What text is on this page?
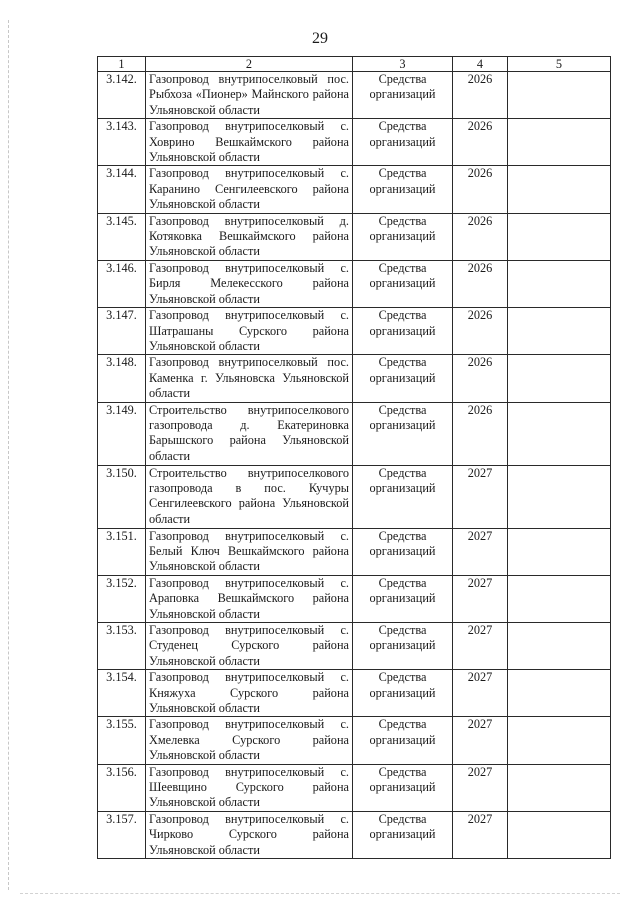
29
1	2	3	4	5
3.142.	Газопровод внутрипоселковый пос. Рыбхоза «Пионер» Майнского района Ульяновской области	Средства организаций	2026	
3.143.	Газопровод внутрипоселковый с. Ховрино Вешкаймского района Ульяновской области	Средства организаций	2026	
3.144.	Газопровод внутрипоселковый с. Каранино Сенгилеевского района Ульяновской области	Средства организаций	2026	
3.145.	Газопровод внутрипоселковый д. Котяковка Вешкаймского района Ульяновской области	Средства организаций	2026	
3.146.	Газопровод внутрипоселковый с. Бирля Мелекесского района Ульяновской области	Средства организаций	2026	
3.147.	Газопровод внутрипоселковый с. Шатрашаны Сурского района Ульяновской области	Средства организаций	2026	
3.148.	Газопровод внутрипоселковый пос. Каменка г. Ульяновска Ульяновской области	Средства организаций	2026	
3.149.	Строительство внутрипоселкового газопровода д. Екатериновка Барышского района Ульяновской области	Средства организаций	2026	
3.150.	Строительство внутрипоселкового газопровода в пос. Кучуры Сенгилеевского района Ульяновской области	Средства организаций	2027	
3.151.	Газопровод внутрипоселковый с. Белый Ключ Вешкаймского района Ульяновской области	Средства организаций	2027	
3.152.	Газопровод внутрипоселковый с. Араповка Вешкаймского района Ульяновской области	Средства организаций	2027	
3.153.	Газопровод внутрипоселковый с. Студенец Сурского района Ульяновской области	Средства организаций	2027	
3.154.	Газопровод внутрипоселковый с. Княжуха Сурского района Ульяновской области	Средства организаций	2027	
3.155.	Газопровод внутрипоселковый с. Хмелевка Сурского района Ульяновской области	Средства организаций	2027	
3.156.	Газопровод внутрипоселковый с. Шеевщино Сурского района Ульяновской области	Средства организаций	2027	
3.157.	Газопровод внутрипоселковый с. Чирково Сурского района Ульяновской области	Средства организаций	2027	
